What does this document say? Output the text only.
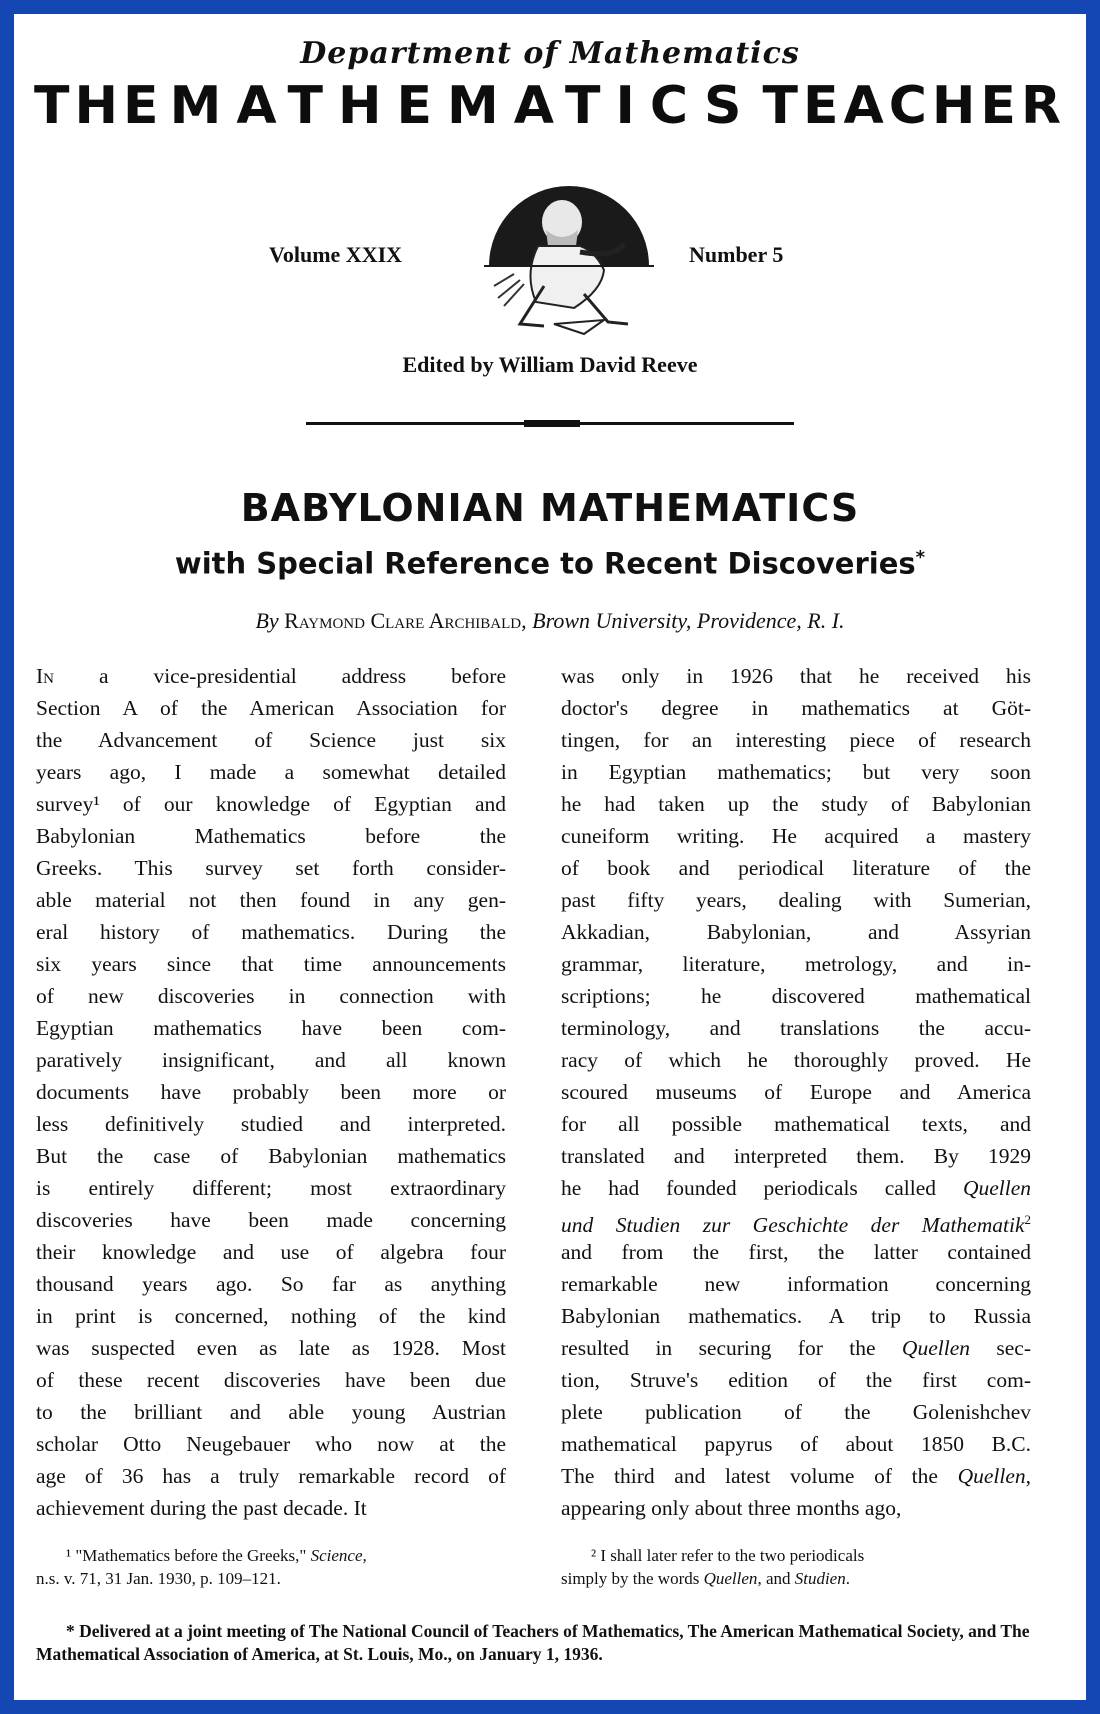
Department of Mathematics
THE MATHEMATICS TEACHER
Volume XXIX	Number 5
Edited by William David Reeve
BABYLONIAN MATHEMATICS
with Special Reference to Recent Discoveries*
By Raymond Clare Archibald, Brown University, Providence, R. I.
In a vice-presidential address before
Section A of the American Association for
the Advancement of Science just six
years ago, I made a somewhat detailed
survey¹ of our knowledge of Egyptian and
Babylonian Mathematics before the
Greeks. This survey set forth consider-
able material not then found in any gen-
eral history of mathematics. During the
six years since that time announcements
of new discoveries in connection with
Egyptian mathematics have been com-
paratively insignificant, and all known
documents have probably been more or
less definitively studied and interpreted.
But the case of Babylonian mathematics
is entirely different; most extraordinary
discoveries have been made concerning
their knowledge and use of algebra four
thousand years ago. So far as anything
in print is concerned, nothing of the kind
was suspected even as late as 1928. Most
of these recent discoveries have been due
to the brilliant and able young Austrian
scholar Otto Neugebauer who now at the
age of 36 has a truly remarkable record of
achievement during the past decade. It
was only in 1926 that he received his
doctor's degree in mathematics at Göt-
tingen, for an interesting piece of research
in Egyptian mathematics; but very soon
he had taken up the study of Babylonian
cuneiform writing. He acquired a mastery
of book and periodical literature of the
past fifty years, dealing with Sumerian,
Akkadian, Babylonian, and Assyrian
grammar, literature, metrology, and in-
scriptions; he discovered mathematical
terminology, and translations the accu-
racy of which he thoroughly proved. He
scoured museums of Europe and America
for all possible mathematical texts, and
translated and interpreted them. By 1929
he had founded periodicals called Quellen
und Studien zur Geschichte der Mathematik$^2$
and from the first, the latter contained
remarkable new information concerning
Babylonian mathematics. A trip to Russia
resulted in securing for the Quellen sec-
tion, Struve's edition of the first com-
plete publication of the Golenishchev
mathematical papyrus of about 1850 B.C.
The third and latest volume of the Quellen,
appearing only about three months ago,
¹ "Mathematics before the Greeks," Science,
n.s. v. 71, 31 Jan. 1930, p. 109–121.
² I shall later refer to the two periodicals
simply by the words Quellen, and Studien.
* Delivered at a joint meeting of The National Council of Teachers of Mathematics, The American Mathematical Society, and The Mathematical Association of America, at St. Louis, Mo., on January 1, 1936.
